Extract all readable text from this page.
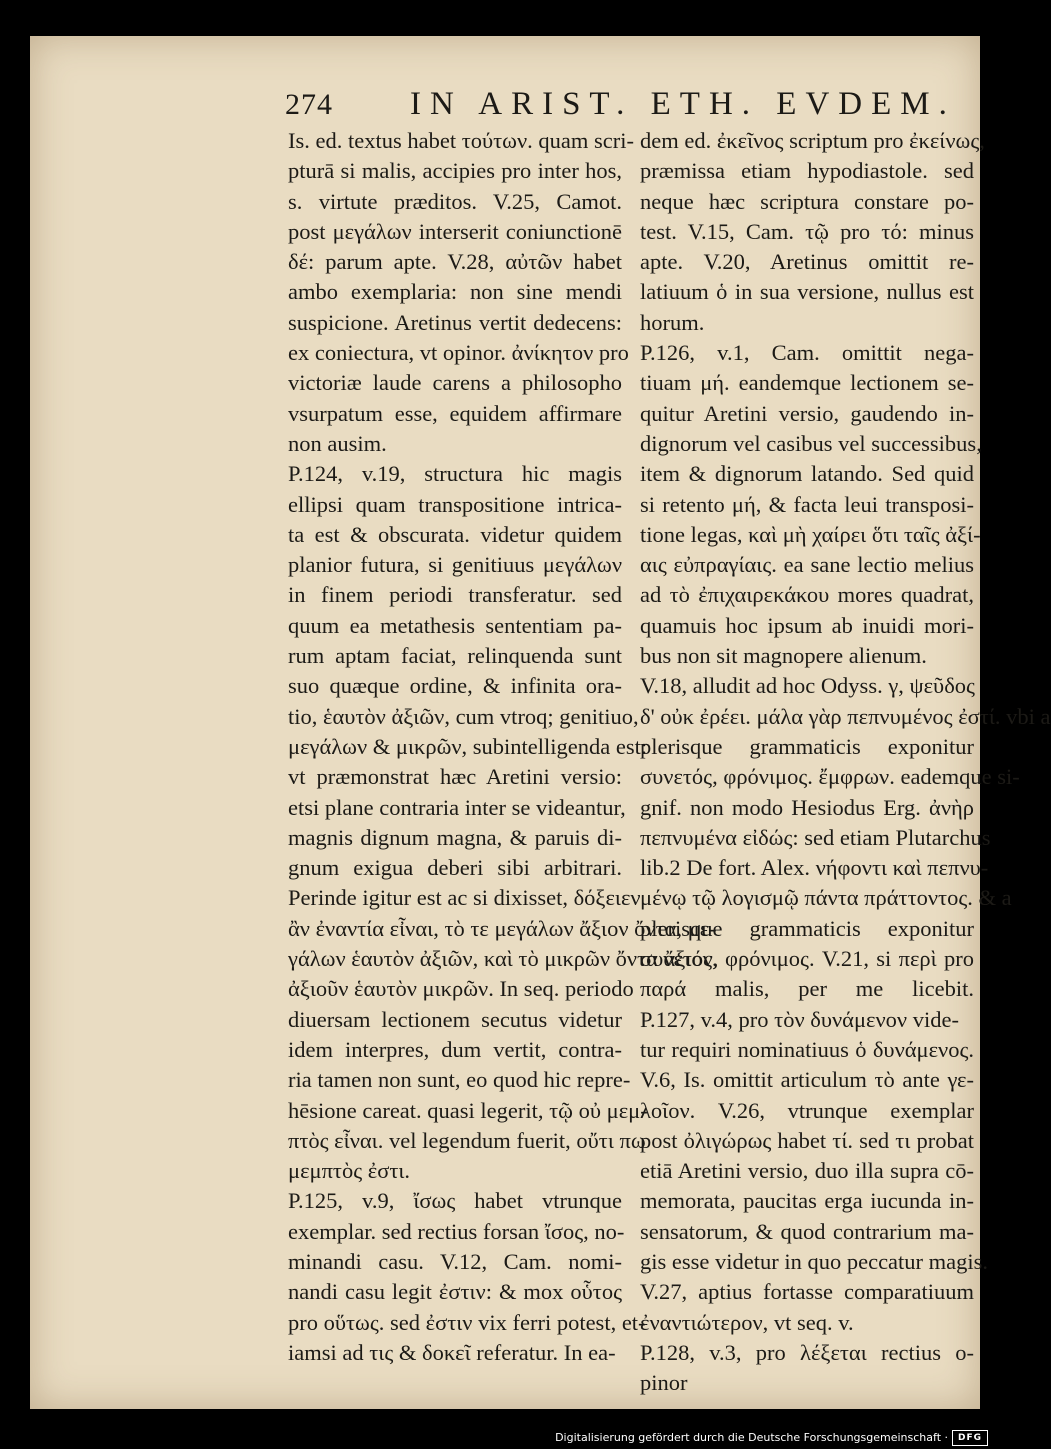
274 IN ARIST. ETH. EVDEM.
Is. ed. textus habet τούτων. quam scri-
pturā si malis, accipies pro inter hos,
s. virtute præditos. V.25, Camot.
post μεγάλων interserit coniunctionē
δέ: parum apte. V.28, αὐτῶν habet
ambo exemplaria: non sine mendi
suspicione. Aretinus vertit dedecens:
ex coniectura, vt opinor. ἀνίκητον pro
victoriæ laude carens a philosopho
vsurpatum esse, equidem affirmare
non ausim.
P.124, v.19, structura hic magis
ellipsi quam transpositione intrica-
ta est & obscurata. videtur quidem
planior futura, si genitiuus μεγάλων
in finem periodi transferatur. sed
quum ea metathesis sententiam pa-
rum aptam faciat, relinquenda sunt
suo quæque ordine, & infinita ora-
tio, ἑαυτὸν ἀξιῶν, cum vtroq; genitiuo,
μεγάλων & μικρῶν, subintelligenda est:
vt præmonstrat hæc Aretini versio:
etsi plane contraria inter se videantur,
magnis dignum magna, & paruis di-
gnum exigua deberi sibi arbitrari.
Perinde igitur est ac si dixisset, δόξειεν
ἂν ἐναντία εἶναι, τὸ τε μεγάλων ἄξιον ὄντα, με-
γάλων ἑαυτὸν ἀξιῶν, καὶ τὸ μικρῶν ὄντα ἄξιον,
ἀξιοῦν ἑαυτὸν μικρῶν. In seq. periodo
diuersam lectionem secutus videtur
idem interpres, dum vertit, contra-
ria tamen non sunt, eo quod hic repre-
hēsione careat. quasi legerit, τῷ οὐ μεμ-
πτὸς εἶναι. vel legendum fuerit, οὔτι πω
μεμπτὸς ἐστι.
P.125, v.9, ἴσως habet vtrunque
exemplar. sed rectius forsan ἴσος, no-
minandi casu. V.12, Cam. nomi-
nandi casu legit ἐστιν: & mox οὗτος
pro οὕτως. sed ἐστιν vix ferri potest, et-
iamsi ad τις & δοκεῖ referatur. In ea-
dem ed. ἐκεῖνος scriptum pro ἐκείνως,
præmissa etiam hypodiastole. sed
neque hæc scriptura constare po-
test. V.15, Cam. τῷ pro τό: minus
apte. V.20, Aretinus omittit re-
latiuum ὁ in sua versione, nullus est
horum.
P.126, v.1, Cam. omittit nega-
tiuam μή. eandemque lectionem se-
quitur Aretini versio, gaudendo in-
dignorum vel casibus vel successibus,
item & dignorum latando. Sed quid
si retento μή, & facta leui transposi-
tione legas, καὶ μὴ χαίρει ὅτι ταῖς ἀξί-
αις εὐπραγίαις. ea sane lectio melius
ad τὸ ἐπιχαιρεκάκου mores quadrat,
quamuis hoc ipsum ab inuidi mori-
bus non sit magnopere alienum.
V.18, alludit ad hoc Odyss. γ, ψεῦδος
δ' οὐκ ἐρέει. μάλα γὰρ πεπνυμένος ἐστί. vbi a
plerisque grammaticis exponitur
συνετός, φρόνιμος. ἔμφρων. eademque si-
gnif. non modo Hesiodus Erg. ἀνὴρ
πεπνυμένα εἰδώς: sed etiam Plutarchus
lib.2 De fort. Alex. νήφοντι καὶ πεπνυ-
μένῳ τῷ λογισμῷ πάντα πράττοντος. & a
plerisque grammaticis exponitur
συνετός, φρόνιμος. V.21, si περὶ pro
παρά malis, per me licebit.
P.127, v.4, pro τὸν δυνάμενον vide-
tur requiri nominatiuus ὁ δυνάμενος.
V.6, Is. omittit articulum τὸ ante γε-
λοῖον. V.26, vtrunque exemplar
post ὀλιγώρως habet τί. sed τι probat
etiā Aretini versio, duo illa supra cō-
memorata, paucitas erga iucunda in-
sensatorum, & quod contrarium ma-
gis esse videtur in quo peccatur magis.
V.27, aptius fortasse comparatiuum
ἐναντιώτερον, vt seq. v.
P.128, v.3, pro λέξεται rectius o-
pinor
Digitalisierung gefördert durch die Deutsche Forschungsgemeinschaft ·	DFG
